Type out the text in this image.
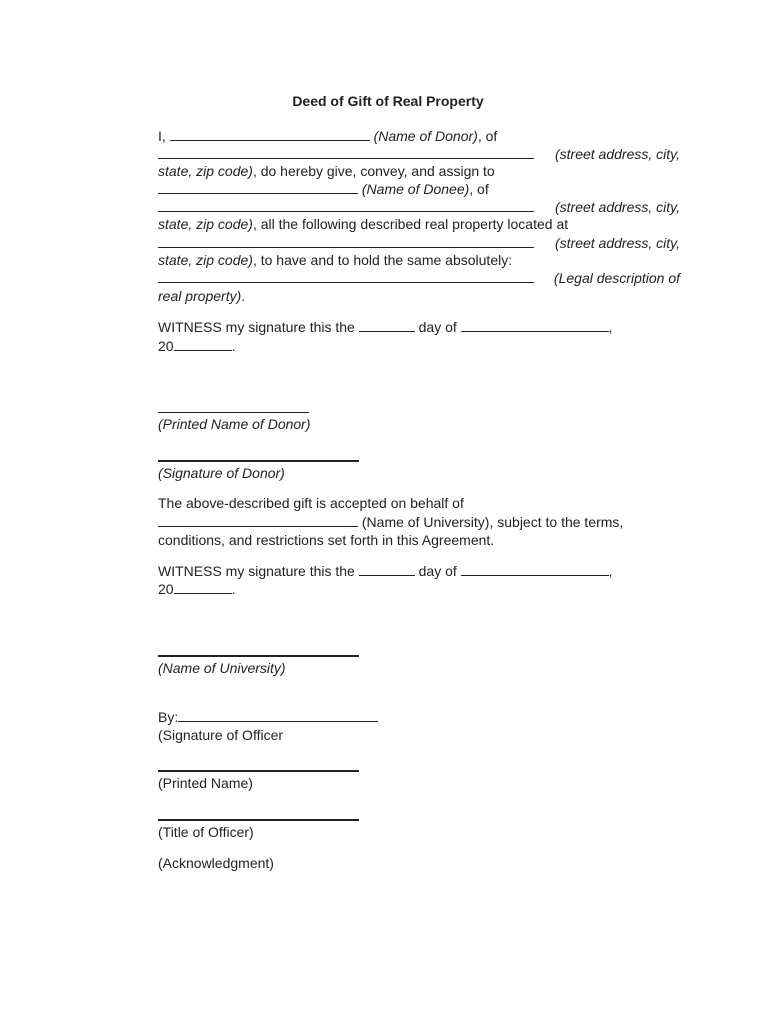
Deed of Gift of Real Property
I,	(Name of Donor), of
(street address, city,
state, zip code), do hereby give, convey, and assign to
(Name of Donee), of
(street address, city,
state, zip code), all the following described real property located at
(street address, city,
state, zip code), to have and to hold the same absolutely:
(Legal description of
real property).
WITNESS my signature this the	day of	,
20	.
(Printed Name of Donor)
(Signature of Donor)
The above-described gift is accepted on behalf of
(Name of University), subject to the terms,
conditions, and restrictions set forth in this Agreement.
WITNESS my signature this the	day of	,
20	.
(Name of University)
By:
(Signature of Officer
(Printed Name)
(Title of Officer)
(Acknowledgment)
